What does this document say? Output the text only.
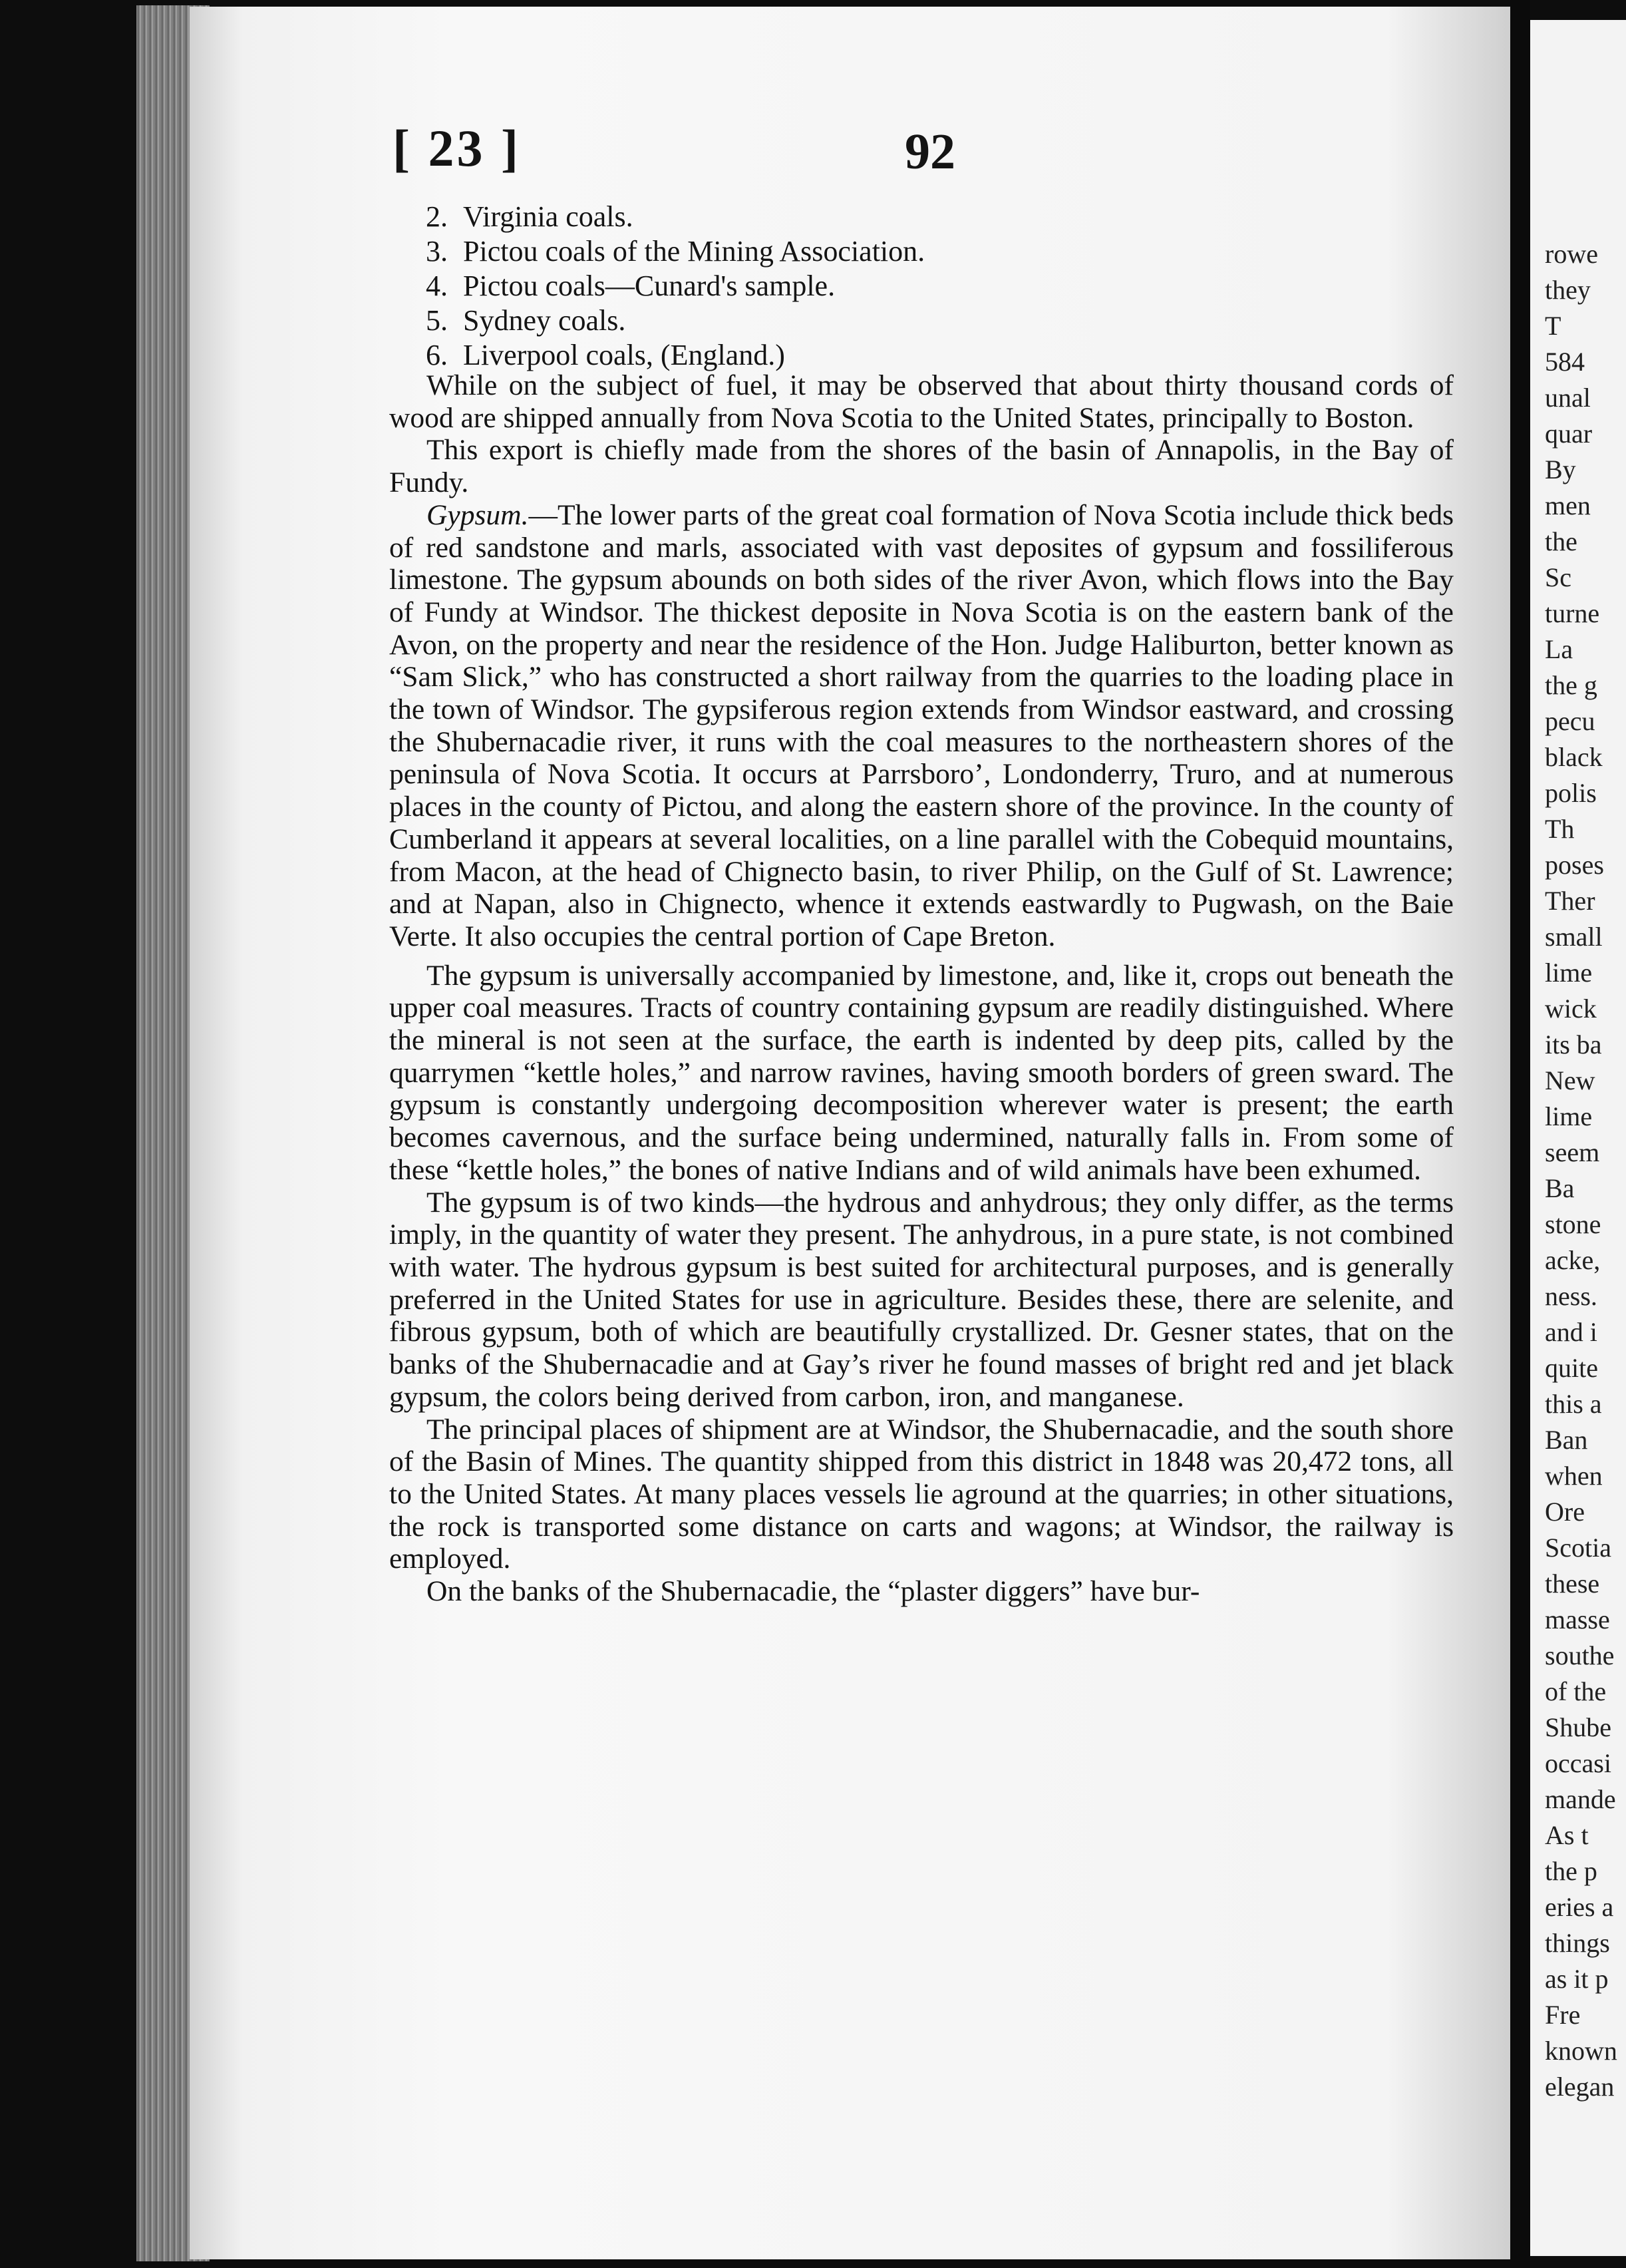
rowe
they
T
584
unal
quar
By
men
the
Sc
turne
La
the g
pecu
black
polis
Th
poses
Ther
small
lime
wick
its ba
New
lime
seem
Ba
stone
acke,
ness.
and i
quite
this a
Ban
when
Ore
Scotia
these
masse
southe
of the
Shube
occasi
mande
As t
the p
eries a
things
as it p
Fre
known
elegan
[ 23 ]	92
2. Virginia coals.
3. Pictou coals of the Mining Association.
4. Pictou coals—Cunard's sample.
5. Sydney coals.
6. Liverpool coals, (England.)

While on the subject of fuel, it may be observed that about thirty thousand cords of wood are shipped annually from Nova Scotia to the United States, principally to Boston.

This export is chiefly made from the shores of the basin of Annapolis, in the Bay of Fundy.

Gypsum.—The lower parts of the great coal formation of Nova Scotia include thick beds of red sandstone and marls, associated with vast deposites of gypsum and fossiliferous limestone. The gypsum abounds on both sides of the river Avon, which flows into the Bay of Fundy at Windsor. The thickest deposite in Nova Scotia is on the eastern bank of the Avon, on the property and near the residence of the Hon. Judge Haliburton, better known as “Sam Slick,” who has constructed a short railway from the quarries to the loading place in the town of Windsor. The gypsiferous region extends from Windsor eastward, and crossing the Shubernacadie river, it runs with the coal measures to the northeastern shores of the peninsula of Nova Scotia. It occurs at Parrsboro’, Londonderry, Truro, and at numerous places in the county of Pictou, and along the eastern shore of the province. In the county of Cumberland it appears at several localities, on a line parallel with the Cobequid mountains, from Macon, at the head of Chignecto basin, to river Philip, on the Gulf of St. Lawrence; and at Napan, also in Chignecto, whence it extends eastwardly to Pugwash, on the Baie Verte. It also occupies the central portion of Cape Breton.

The gypsum is universally accompanied by limestone, and, like it, crops out beneath the upper coal measures. Tracts of country containing gypsum are readily distinguished. Where the mineral is not seen at the surface, the earth is indented by deep pits, called by the quarrymen “kettle holes,” and narrow ravines, having smooth borders of green sward. The gypsum is constantly undergoing decomposition wherever water is present; the earth becomes cavernous, and the surface being undermined, naturally falls in. From some of these “kettle holes,” the bones of native Indians and of wild animals have been exhumed.

The gypsum is of two kinds—the hydrous and anhydrous; they only differ, as the terms imply, in the quantity of water they present. The anhydrous, in a pure state, is not combined with water. The hydrous gypsum is best suited for architectural purposes, and is generally preferred in the United States for use in agriculture. Besides these, there are selenite, and fibrous gypsum, both of which are beautifully crystallized. Dr. Gesner states, that on the banks of the Shubernacadie and at Gay’s river he found masses of bright red and jet black gypsum, the colors being derived from carbon, iron, and manganese.

The principal places of shipment are at Windsor, the Shubernacadie, and the south shore of the Basin of Mines. The quantity shipped from this district in 1848 was 20,472 tons, all to the United States. At many places vessels lie aground at the quarries; in other situations, the rock is transported some distance on carts and wagons; at Windsor, the railway is employed.

On the banks of the Shubernacadie, the “plaster diggers” have bur-
